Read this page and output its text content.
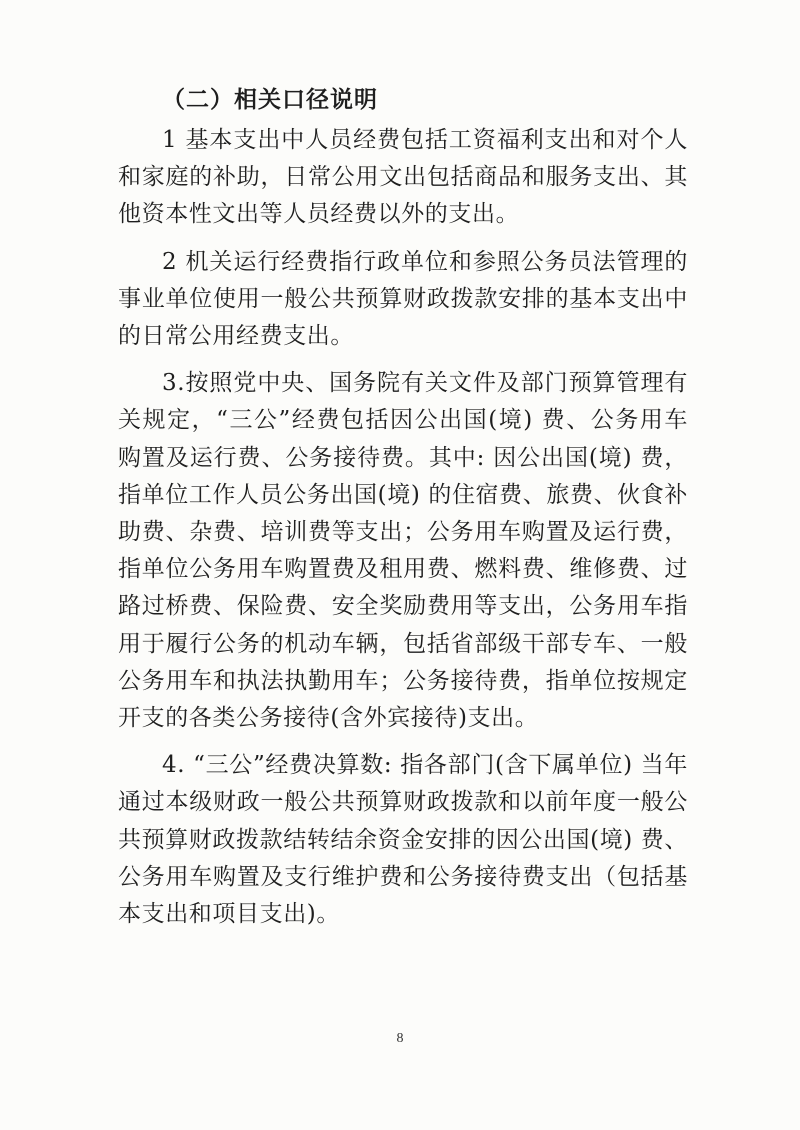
（二）相关口径说明

1 基本支出中人员经费包括工资福利支出和对个人和家庭的补助，日常公用文出包括商品和服务支出、其他资本性文出等人员经费以外的支出。

2 机关运行经费指行政单位和参照公务员法管理的事业单位使用一般公共预算财政拨款安排的基本支出中的日常公用经费支出。

3.按照党中央、国务院有关文件及部门预算管理有关规定，“三公”经费包括因公出国(境) 费、公务用车购置及运行费、公务接待费。其中: 因公出国(境) 费，指单位工作人员公务出国(境) 的住宿费、旅费、伙食补助费、杂费、培训费等支出；公务用车购置及运行费，指单位公务用车购置费及租用费、燃料费、维修费、过路过桥费、保险费、安全奖励费用等支出，公务用车指用于履行公务的机动车辆，包括省部级干部专车、一般公务用车和执法执勤用车；公务接待费，指单位按规定开支的各类公务接待(含外宾接待)支出。

4. “三公”经费决算数: 指各部门(含下属单位) 当年通过本级财政一般公共预算财政拨款和以前年度一般公共预算财政拨款结转结余资金安排的因公出国(境) 费、公务用车购置及支行维护费和公务接待费支出（包括基本支出和项目支出)。

8
